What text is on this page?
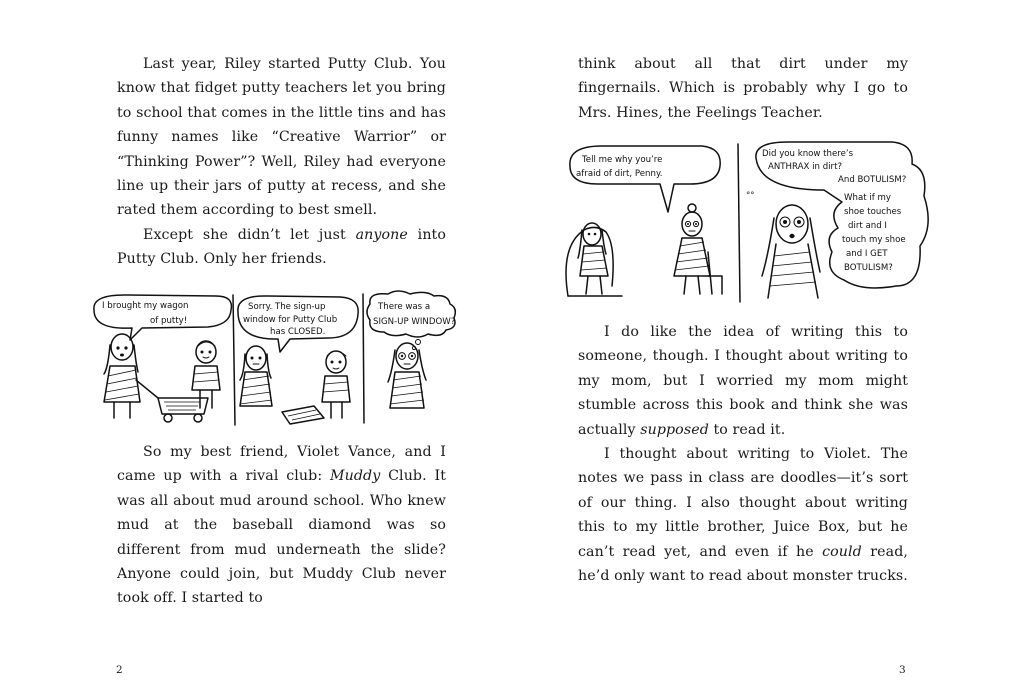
Last year, Riley started Putty Club. You know that fidget putty teachers let you bring to school that comes in the little tins and has funny names like “Creative Warrior” or “Thinking Power”? Well, Riley had everyone line up their jars of putty at recess, and she rated them according to best smell.

Except she didn’t let just anyone into Putty Club. Only her friends.

I brought my wagon
of putty!
Sorry. The sign-up
window for Putty Club
has CLOSED.
There was a
SIGN-UP WINDOW?

So my best friend, Violet Vance, and I came up with a rival club: Muddy Club. It was all about mud around school. Who knew mud at the baseball diamond was so different from mud underneath the slide? Anyone could join, but Muddy Club never took off. I started to

2

think about all that dirt under my fingernails. Which is probably why I go to Mrs. Hines, the Feelings Teacher.

Tell me why you’re
afraid of dirt, Penny.
Did you know there’s
ANTHRAX in dirt?
And BOTULISM?
What if my
shoe touches
dirt and I
touch my shoe
and I GET
BOTULISM?
°°

I do like the idea of writing this to someone, though. I thought about writing to my mom, but I worried my mom might stumble across this book and think she was actually supposed to read it.

I thought about writing to Violet. The notes we pass in class are doodles—it’s sort of our thing. I also thought about writing this to my little brother, Juice Box, but he can’t read yet, and even if he could read, he’d only want to read about monster trucks.

3
